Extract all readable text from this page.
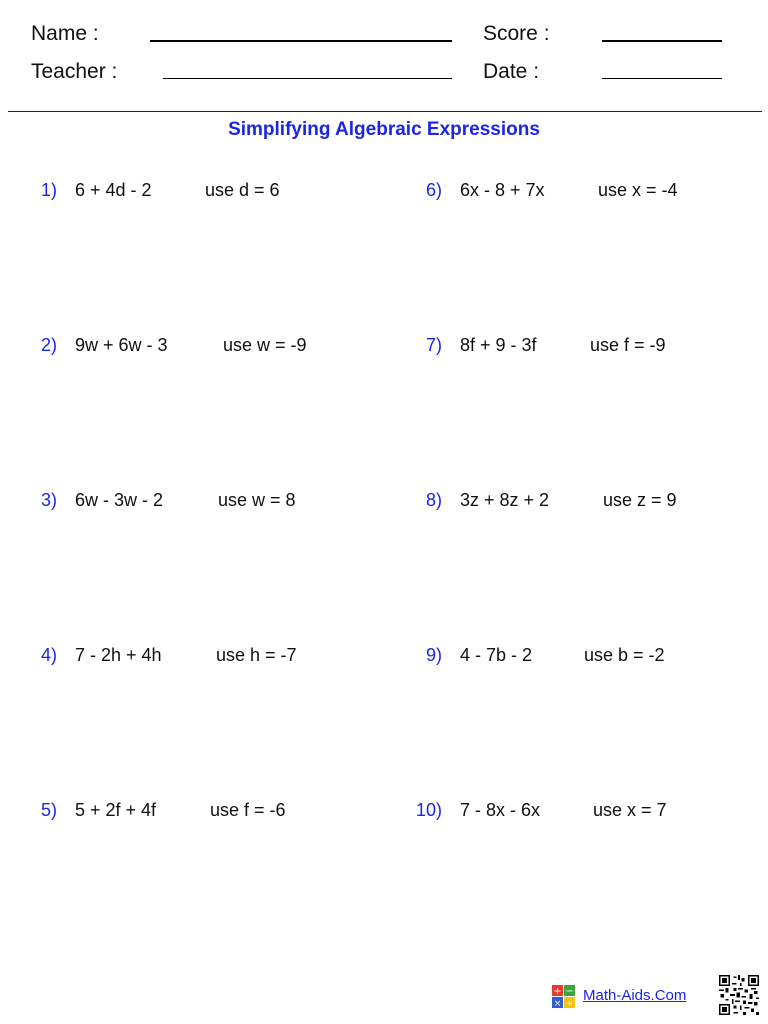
Name :	Score :
Teacher :	Date :
Simplifying Algebraic Expressions
1) 6 + 4d - 2	use d = 6
2) 9w + 6w - 3	use w = -9
3) 6w - 3w - 2	use w = 8
4) 7 - 2h + 4h	use h = -7
5) 5 + 2f + 4f	use f = -6
6) 6x - 8 + 7x	use x = -4
7) 8f + 9 - 3f	use f = -9
8) 3z + 8z + 2	use z = 9
9) 4 - 7b - 2	use b = -2
10) 7 - 8x - 6x	use x = 7
+ −
× ÷ Math-Aids.Com
